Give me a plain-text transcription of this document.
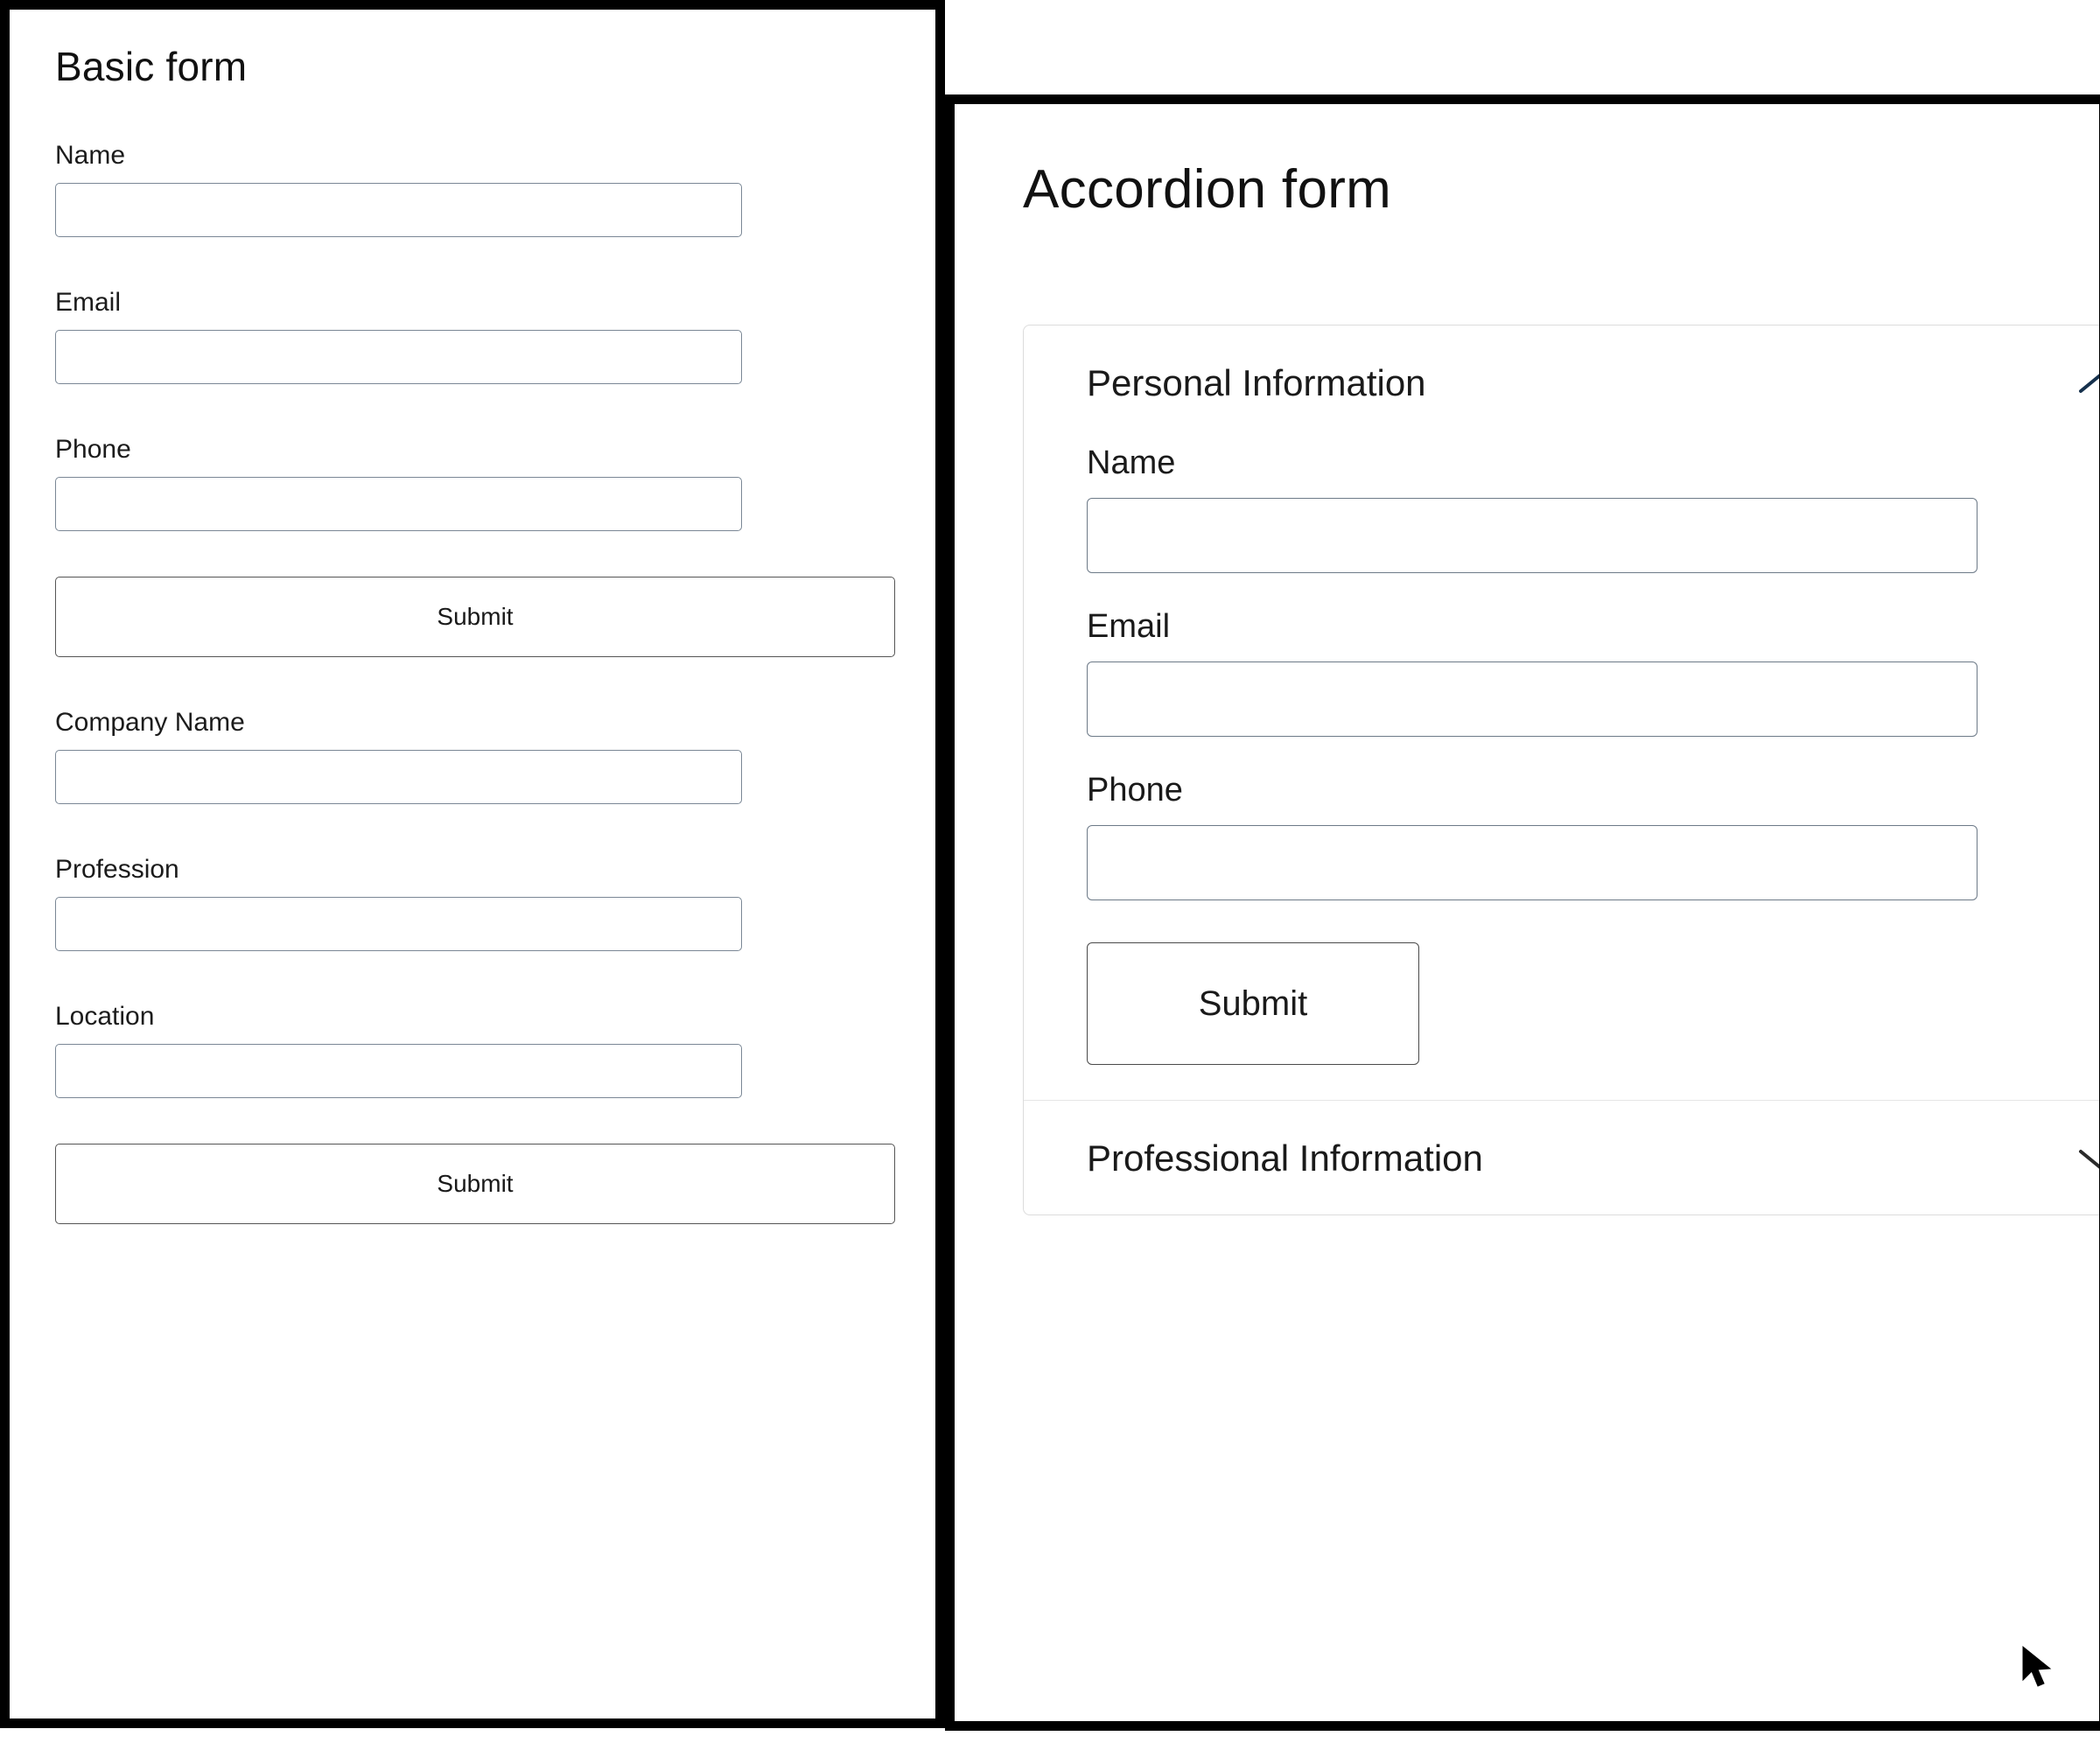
Basic form
Name
Email
Phone
Submit
Company Name
Profession
Location
Submit
Accordion form
Personal Information
Name
Email
Phone
Submit
Professional Information
